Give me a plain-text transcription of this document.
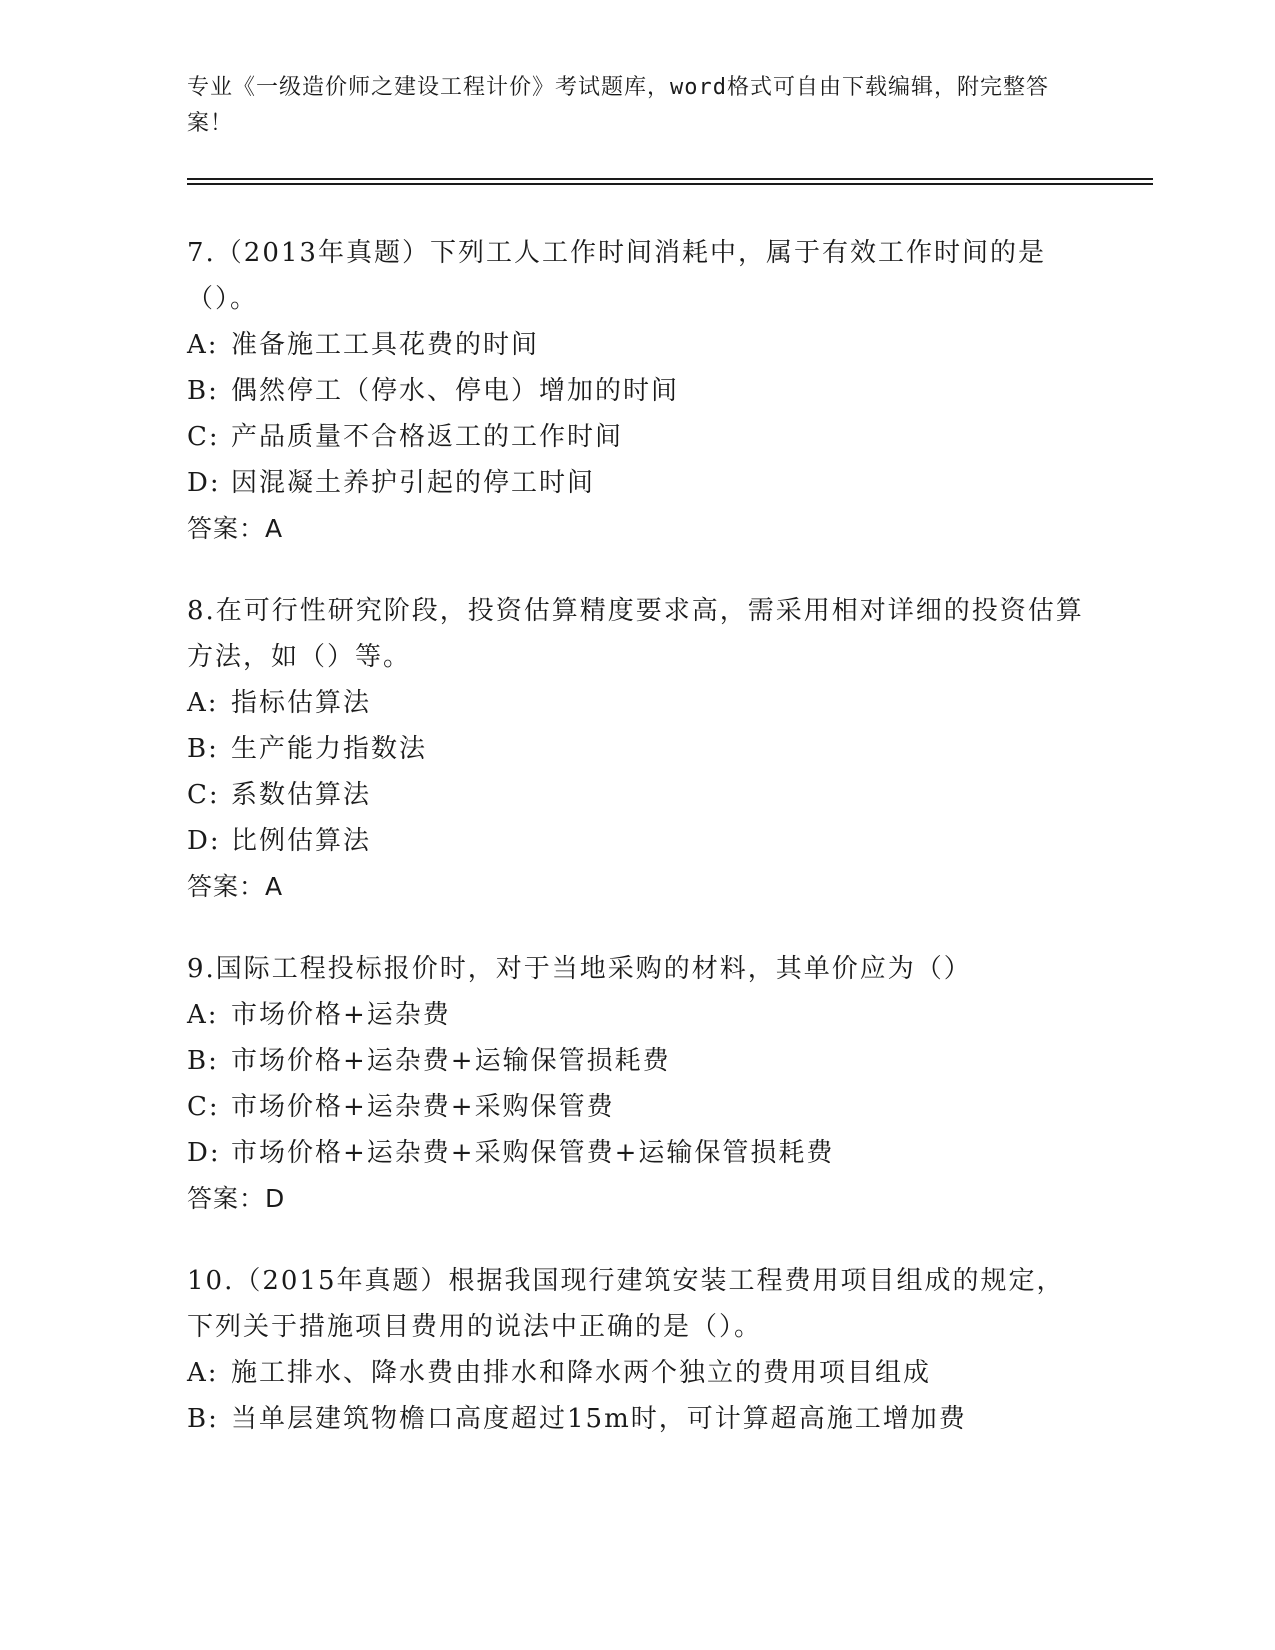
专业《一级造价师之建设工程计价》考试题库，word格式可自由下载编辑，附完整答案！

7.（2013年真题）下列工人工作时间消耗中，属于有效工作时间的是（）。

A: 准备施工工具花费的时间
B: 偶然停工（停水、停电）增加的时间
C: 产品质量不合格返工的工作时间
D: 因混凝土养护引起的停工时间
答案：A

8.在可行性研究阶段，投资估算精度要求高，需采用相对详细的投资估算方法，如（）等。

A: 指标估算法
B: 生产能力指数法
C: 系数估算法
D: 比例估算法
答案：A

9.国际工程投标报价时，对于当地采购的材料，其单价应为（）

A: 市场价格+运杂费
B: 市场价格+运杂费+运输保管损耗费
C: 市场价格+运杂费+采购保管费
D: 市场价格+运杂费+采购保管费+运输保管损耗费
答案：D

10.（2015年真题）根据我国现行建筑安装工程费用项目组成的规定，下列关于措施项目费用的说法中正确的是（）。

A: 施工排水、降水费由排水和降水两个独立的费用项目组成
B: 当单层建筑物檐口高度超过15m时，可计算超高施工增加费
